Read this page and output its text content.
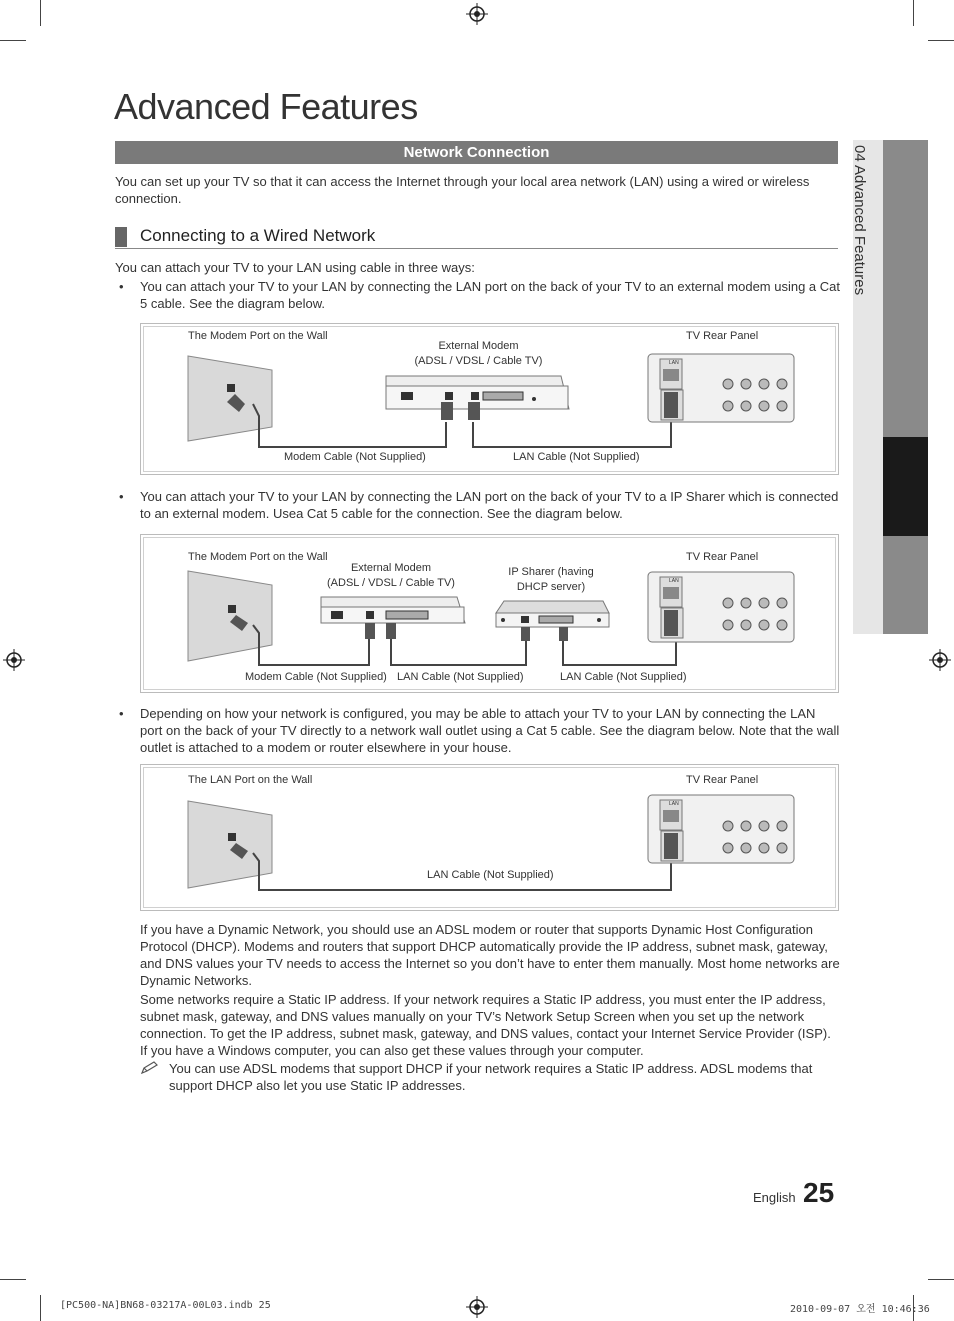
04 Advanced Features
Advanced Features
Network Connection
You can set up your TV so that it can access the Internet through your local area network (LAN) using a wired or wireless connection.
Connecting to a Wired Network
You can attach your TV to your LAN using cable in three ways:
• You can attach your TV to your LAN by connecting the LAN port on the back of your TV to an external modem using a Cat 5 cable. See the diagram below.
LAN
The Modem Port on the Wall
External Modem
(ADSL / VDSL / Cable TV)
TV Rear Panel
Modem Cable (Not Supplied)	LAN Cable (Not Supplied)
• You can attach your TV to your LAN by connecting the LAN port on the back of your TV to a IP Sharer which is connected to an external modem. Usea Cat 5 cable for the connection. See the diagram below.
LAN
The Modem Port on the Wall
External Modem
(ADSL / VDSL / Cable TV)
IP Sharer (having
DHCP server)
TV Rear Panel
Modem Cable (Not Supplied) LAN Cable (Not Supplied)	LAN Cable (Not Supplied)
• Depending on how your network is configured, you may be able to attach your TV to your LAN by connecting the LAN port on the back of your TV directly to a network wall outlet using a Cat 5 cable. See the diagram below. Note that the wall outlet is attached to a modem or router elsewhere in your house.
LAN
The LAN Port on the Wall	TV Rear Panel
LAN Cable (Not Supplied)
If you have a Dynamic Network, you should use an ADSL modem or router that supports Dynamic Host Configuration Protocol (DHCP). Modems and routers that support DHCP automatically provide the IP address, subnet mask, gateway, and DNS values your TV needs to access the Internet so you don’t have to enter them manually. Most home networks are Dynamic Networks.
Some networks require a Static IP address. If your network requires a Static IP address, you must enter the IP address, subnet mask, gateway, and DNS values manually on your TV’s Network Setup Screen when you set up the network connection. To get the IP address, subnet mask, gateway, and DNS values, contact your Internet Service Provider (ISP). If you have a Windows computer, you can also get these values through your computer.
You can use ADSL modems that support DHCP if your network requires a Static IP address. ADSL modems that support DHCP also let you use Static IP addresses.
English 25
[PC500-NA]BN68-03217A-00L03.indb 25	2010-09-07 오전 10:46:36
